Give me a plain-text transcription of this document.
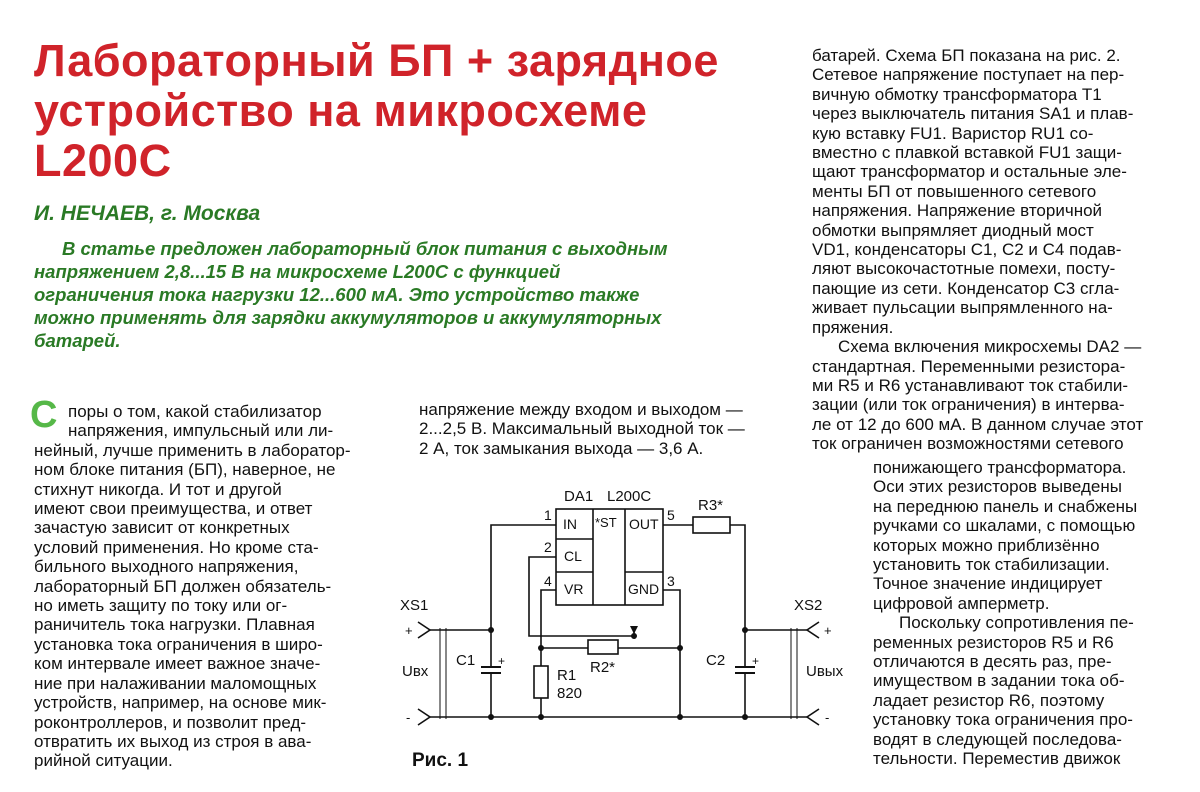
Лабораторный БП + зарядное
устройство на микросхеме
L200C

И. НЕЧАЕВ, г. Москва

В статье предложен лабораторный блок питания с выходным
напряжением 2,8...15 В на микросхеме L200C с функцией
ограничения тока нагрузки 12...600 мА. Это устройство также
можно применять для зарядки аккумуляторов и аккумуляторных
батарей.

С поры о том, какой стабилизатор
напряжения, импульсный или ли-
нейный, лучше применить в лаборатор-
ном блоке питания (БП), наверное, не
стихнут никогда. И тот и другой
имеют свои преимущества, и ответ
зачастую зависит от конкретных
условий применения. Но кроме ста-
бильного выходного напряжения,
лабораторный БП должен обязатель-
но иметь защиту по току или ог-
раничитель тока нагрузки. Плавная
установка тока ограничения в широ-
ком интервале имеет важное значе-
ние при налаживании маломощных
устройств, например, на основе мик-
роконтроллеров, и позволит пред-
отвратить их выход из строя в ава-
рийной ситуации.
напряжение между входом и выходом —
2...2,5 В. Максимальный выходной ток —
2 А, ток замыкания выхода — 3,6 А.
DA1 L200C
IN
CL
VR
OUT
GND
*ST
1
2
4	3
5
R3*
R2*
R1
820
C1	C2
+	+
XS1	XS2
Uвх	Uвых
+
-
+
-

Рис. 1

батарей. Схема БП показана на рис. 2.
Сетевое напряжение поступает на пер-
вичную обмотку трансформатора Т1
через выключатель питания SA1 и плав-
кую вставку FU1. Варистор RU1 со-
вместно с плавкой вставкой FU1 защи-
щают трансформатор и остальные эле-
менты БП от повышенного сетевого
напряжения. Напряжение вторичной
обмотки выпрямляет диодный мост
VD1, конденсаторы С1, С2 и С4 подав-
ляют высокочастотные помехи, посту-
пающие из сети. Конденсатор С3 сгла-
живает пульсации выпрямленного на-
пряжения.
Схема включения микросхемы DA2 —
стандартная. Переменными резистора-
ми R5 и R6 устанавливают ток стабили-
зации (или ток ограничения) в интерва-
ле от 12 до 600 мА. В данном случае этот
ток ограничен возможностями сетевого
понижающего трансформатора.
Оси этих резисторов выведены
на переднюю панель и снабжены
ручками со шкалами, с помощью
которых можно приблизённо
установить ток стабилизации.
Точное значение индицирует
цифровой амперметр.
Поскольку сопротивления пе-
ременных резисторов R5 и R6
отличаются в десять раз, пре-
имуществом в задании тока об-
ладает резистор R6, поэтому
установку тока ограничения про-
водят в следующей последова-
тельности. Переместив движок
